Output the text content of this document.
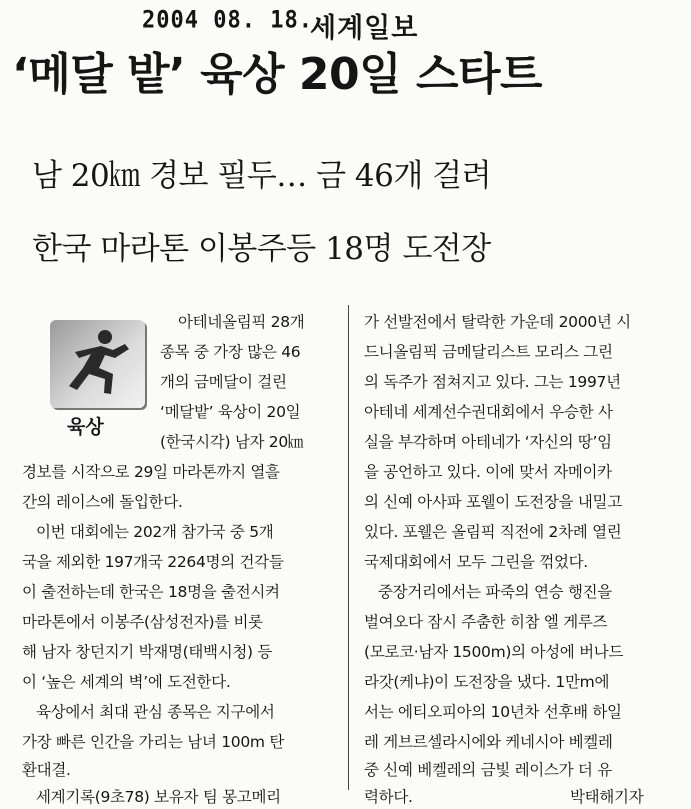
2004 08. 18.
세계일보
‘메달 밭’ 육상 20일 스타트
남 20㎞ 경보 필두… 금 46개 걸려
한국 마라톤 이봉주등 18명 도전장
육상
아테네올림픽 28개
종목 중 가장 많은 46
개의 금메달이 걸린
‘메달밭’ 육상이 20일
(한국시각) 남자 20㎞
경보를 시작으로 29일 마라톤까지 열흘
간의 레이스에 돌입한다.
이번 대회에는 202개 참가국 중 5개
국을 제외한 197개국 2264명의 건각들
이 출전하는데 한국은 18명을 출전시켜
마라톤에서 이봉주(삼성전자)를 비롯
해 남자 창던지기 박재명(태백시청) 등
이 ‘높은 세계의 벽’에 도전한다.
육상에서 최대 관심 종목은 지구에서
가장 빠른 인간을 가리는 남녀 100m 탄
환대결.
세계기록(9초78) 보유자 팀 몽고메리
가 선발전에서 탈락한 가운데 2000년 시
드니올림픽 금메달리스트 모리스 그린
의 독주가 점쳐지고 있다. 그는 1997년
아테네 세계선수권대회에서 우승한 사
실을 부각하며 아테네가 ‘자신의 땅’임
을 공언하고 있다. 이에 맞서 자메이카
의 신예 아사파 포웰이 도전장을 내밀고
있다. 포웰은 올림픽 직전에 2차례 열린
국제대회에서 모두 그린을 꺾었다.
중장거리에서는 파죽의 연승 행진을
벌여오다 잠시 주춤한 히참 엘 게루즈
(모로코·남자 1500m)의 아성에 버나드
라갓(케냐)이 도전장을 냈다. 1만m에
서는 에티오피아의 10년차 선후배 하일
레 게브르셀라시에와 케네시아 베켈레
중 신예 베켈레의 금빛 레이스가 더 유
력하다.	박태해기자
